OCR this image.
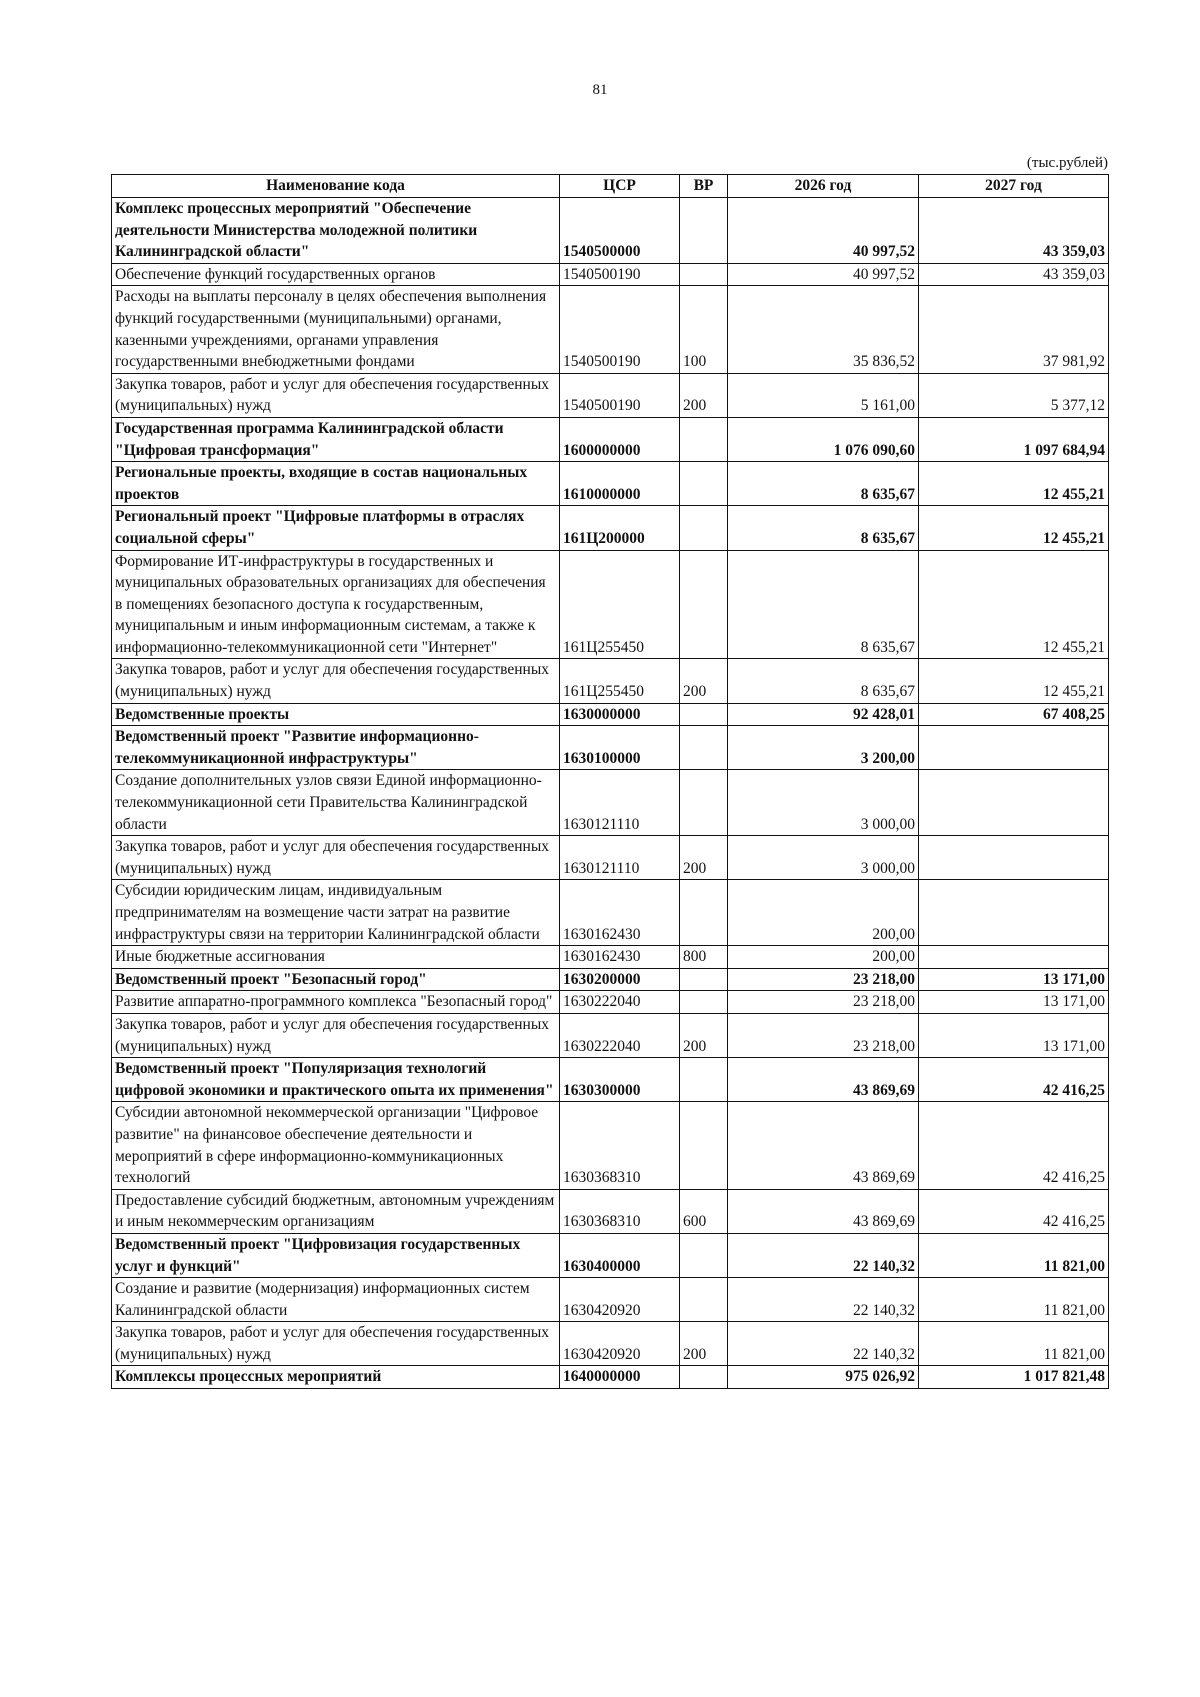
81
(тыс.рублей)
Наименование кода	ЦСР	ВР	2026 год	2027 год
Комплекс процессных мероприятий "Обеспечение деятельности Министерства молодежной политики Калининградской области"	1540500000		40 997,52	43 359,03
Обеспечение функций государственных органов	1540500190		40 997,52	43 359,03
Расходы на выплаты персоналу в целях обеспечения выполнения функций государственными (муниципальными) органами, казенными учреждениями, органами управления государственными внебюджетными фондами	1540500190	100	35 836,52	37 981,92
Закупка товаров, работ и услуг для обеспечения государственных (муниципальных) нужд	1540500190	200	5 161,00	5 377,12
Государственная программа Калининградской области "Цифровая трансформация"	1600000000		1 076 090,60	1 097 684,94
Региональные проекты, входящие в состав национальных проектов	1610000000		8 635,67	12 455,21
Региональный проект "Цифровые платформы в отраслях социальной сферы"	161Ц200000		8 635,67	12 455,21
Формирование ИТ-инфраструктуры в государственных и муниципальных образовательных организациях для обеспечения в помещениях безопасного доступа к государственным, муниципальным и иным информационным системам, а также к информационно-телекоммуникационной сети "Интернет"	161Ц255450		8 635,67	12 455,21
Закупка товаров, работ и услуг для обеспечения государственных (муниципальных) нужд	161Ц255450	200	8 635,67	12 455,21
Ведомственные проекты	1630000000		92 428,01	67 408,25
Ведомственный проект "Развитие информационно-телекоммуникационной инфраструктуры"	1630100000		3 200,00	
Создание дополнительных узлов связи Единой информационно-телекоммуникационной сети Правительства Калининградской области	1630121110		3 000,00	
Закупка товаров, работ и услуг для обеспечения государственных (муниципальных) нужд	1630121110	200	3 000,00	
Субсидии юридическим лицам, индивидуальным предпринимателям на возмещение части затрат на развитие инфраструктуры связи на территории Калининградской области	1630162430		200,00	
Иные бюджетные ассигнования	1630162430	800	200,00	
Ведомственный проект "Безопасный город"	1630200000		23 218,00	13 171,00
Развитие аппаратно-программного комплекса "Безопасный город"	1630222040		23 218,00	13 171,00
Закупка товаров, работ и услуг для обеспечения государственных (муниципальных) нужд	1630222040	200	23 218,00	13 171,00
Ведомственный проект "Популяризация технологий цифровой экономики и практического опыта их применения"	1630300000		43 869,69	42 416,25
Субсидии автономной некоммерческой организации "Цифровое развитие" на финансовое обеспечение деятельности и мероприятий в сфере информационно-коммуникационных технологий	1630368310		43 869,69	42 416,25
Предоставление субсидий бюджетным, автономным учреждениям и иным некоммерческим организациям	1630368310	600	43 869,69	42 416,25
Ведомственный проект "Цифровизация государственных услуг и функций"	1630400000		22 140,32	11 821,00
Создание и развитие (модернизация) информационных систем Калининградской области	1630420920		22 140,32	11 821,00
Закупка товаров, работ и услуг для обеспечения государственных (муниципальных) нужд	1630420920	200	22 140,32	11 821,00
Комплексы процессных мероприятий	1640000000		975 026,92	1 017 821,48
